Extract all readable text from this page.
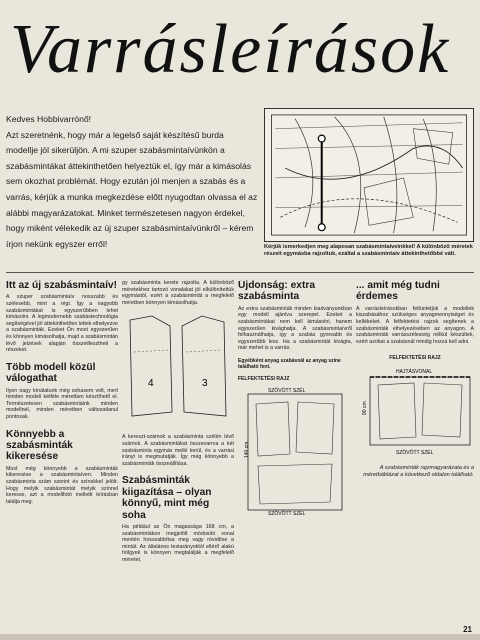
Varrásleírások
Kedves Hobbivarrónő!
Azt szeretnénk, hogy már a legelső saját készítésű burda modellje jól sikerüljön. A mi szuper szabásmintaívünkön a szabásmintákat áttekinthetően helyeztük el, így már a kimásolás sem okozhat problémát. Hogy ezután jól menjen a szabás és a varrás, kérjük a munka megkezdése előtt nyugodtan olvassa el az alábbi magyarázatokat. Minket természetesen nagyon érdekel, hogy miként vélekedik az új szuper szabásmintaívünkről – kérem írjon nekünk egyszer erről!	Kérjük ismerkedjen meg alaposan szabásmintaíveinkkel! A különböző méretek részeit egymásba rajzoltuk, ezáltal a szabásmintaív áttekinthetőbbé vált.
Itt az új szabásmintaív!

A szuper szabásmintaív nosszabb és szélesebb, mint a régi. Így a nagyobb szabásmintákat is egyszerűbben lehet kimásolni. A legmodernebb szabástechnológia segítségével jól áttekinthetően lettek elhelyezve a szabásminták. Ezeket Ön most egyszerűen és könnyen kimásolhatja, majd a szabásmintán lévő jelzések alapján összeillesztheti a részeket.

Több modell közül válogathat

Ilyen nagy kínálatunk még sohasem volt, mert minden modell kétféle méretben készíthető el. Természetesen szabásmintáink minden modellnél, minden méretben változatlanul pontosak.

Könnyebb a szabásminták kikeresése

Most még könnyebb a szabásminták kikeresése a szabásmintaíven. Minden szabásminta szám szerint és színekkel jelölt. Hogy melyik szabásmintát melyik színnel keresse, azt a modellfotó melletti leírásban találja meg.

gy szabásminta kerete rajzolta. A különböző méretekhez tartozó vonalakat jól elkülönítettük egymástól, ezért a szabásmintát a megfelelő méretben könnyen kimásolhatja.

4	3

A kereszt-számok a szabásminta szélén lévő számok. A szabásmintákat összevarrva a két szabásminta egymás mellé kerül, és a varrási irányt is megmutatják. Így még könnyebb a szabásminták összeállítása.

Szabásminták kiigazítása – olyan könnyű, mint még soha

Ha például az Ön magassága 168 cm, a szabásmintákon megjelölt módosító vonal mentén hosszabbítsa meg vagy rövidítse a mintát. Az általános testarányoktól eltérő alakú hölgyek is könnyen megtalálják a megfelelő méretet.

Újdonság: extra szabásminta

Az extra szabásminták minden kiadványunkban egy modell ajánlva szerepel. Ezeket a szabásmintákat nem kell kimásolni, hanem egyszerűen kivághatja. A szabásmintaívről felhasználhatja, így a szabás gyorsabb és egyszerűbb lesz. Ha a szabásmintát kivágta, már mehet is a varrás.

Egyébként anyag szabásnál az anyag színe található fent.
FELFEKTETÉSI RAJZ
SZÖVÖTT SZÉL
SZÖVÖTT SZÉL
140 cm
... amit még tudni érdemes

A varrásleírásokban feltüntetjük a modellek kiszabásához szükséges anyagmennyiséget és kellékeket. A felfektetési rajzok segítenek a szabásminták elhelyezésében az anyagon. A szabásminták varrásszélesség nélkül készültek, ezért azokat a szabásnál mindig hozzá kell adni.

FELFEKTETÉSI RAJZ
HAJTÁSVONAL
SZÖVÖTT SZÉL
90 cm
A szabásminták rajzmagyarázata és a méretbáblázat a következő oldalon található.
21
